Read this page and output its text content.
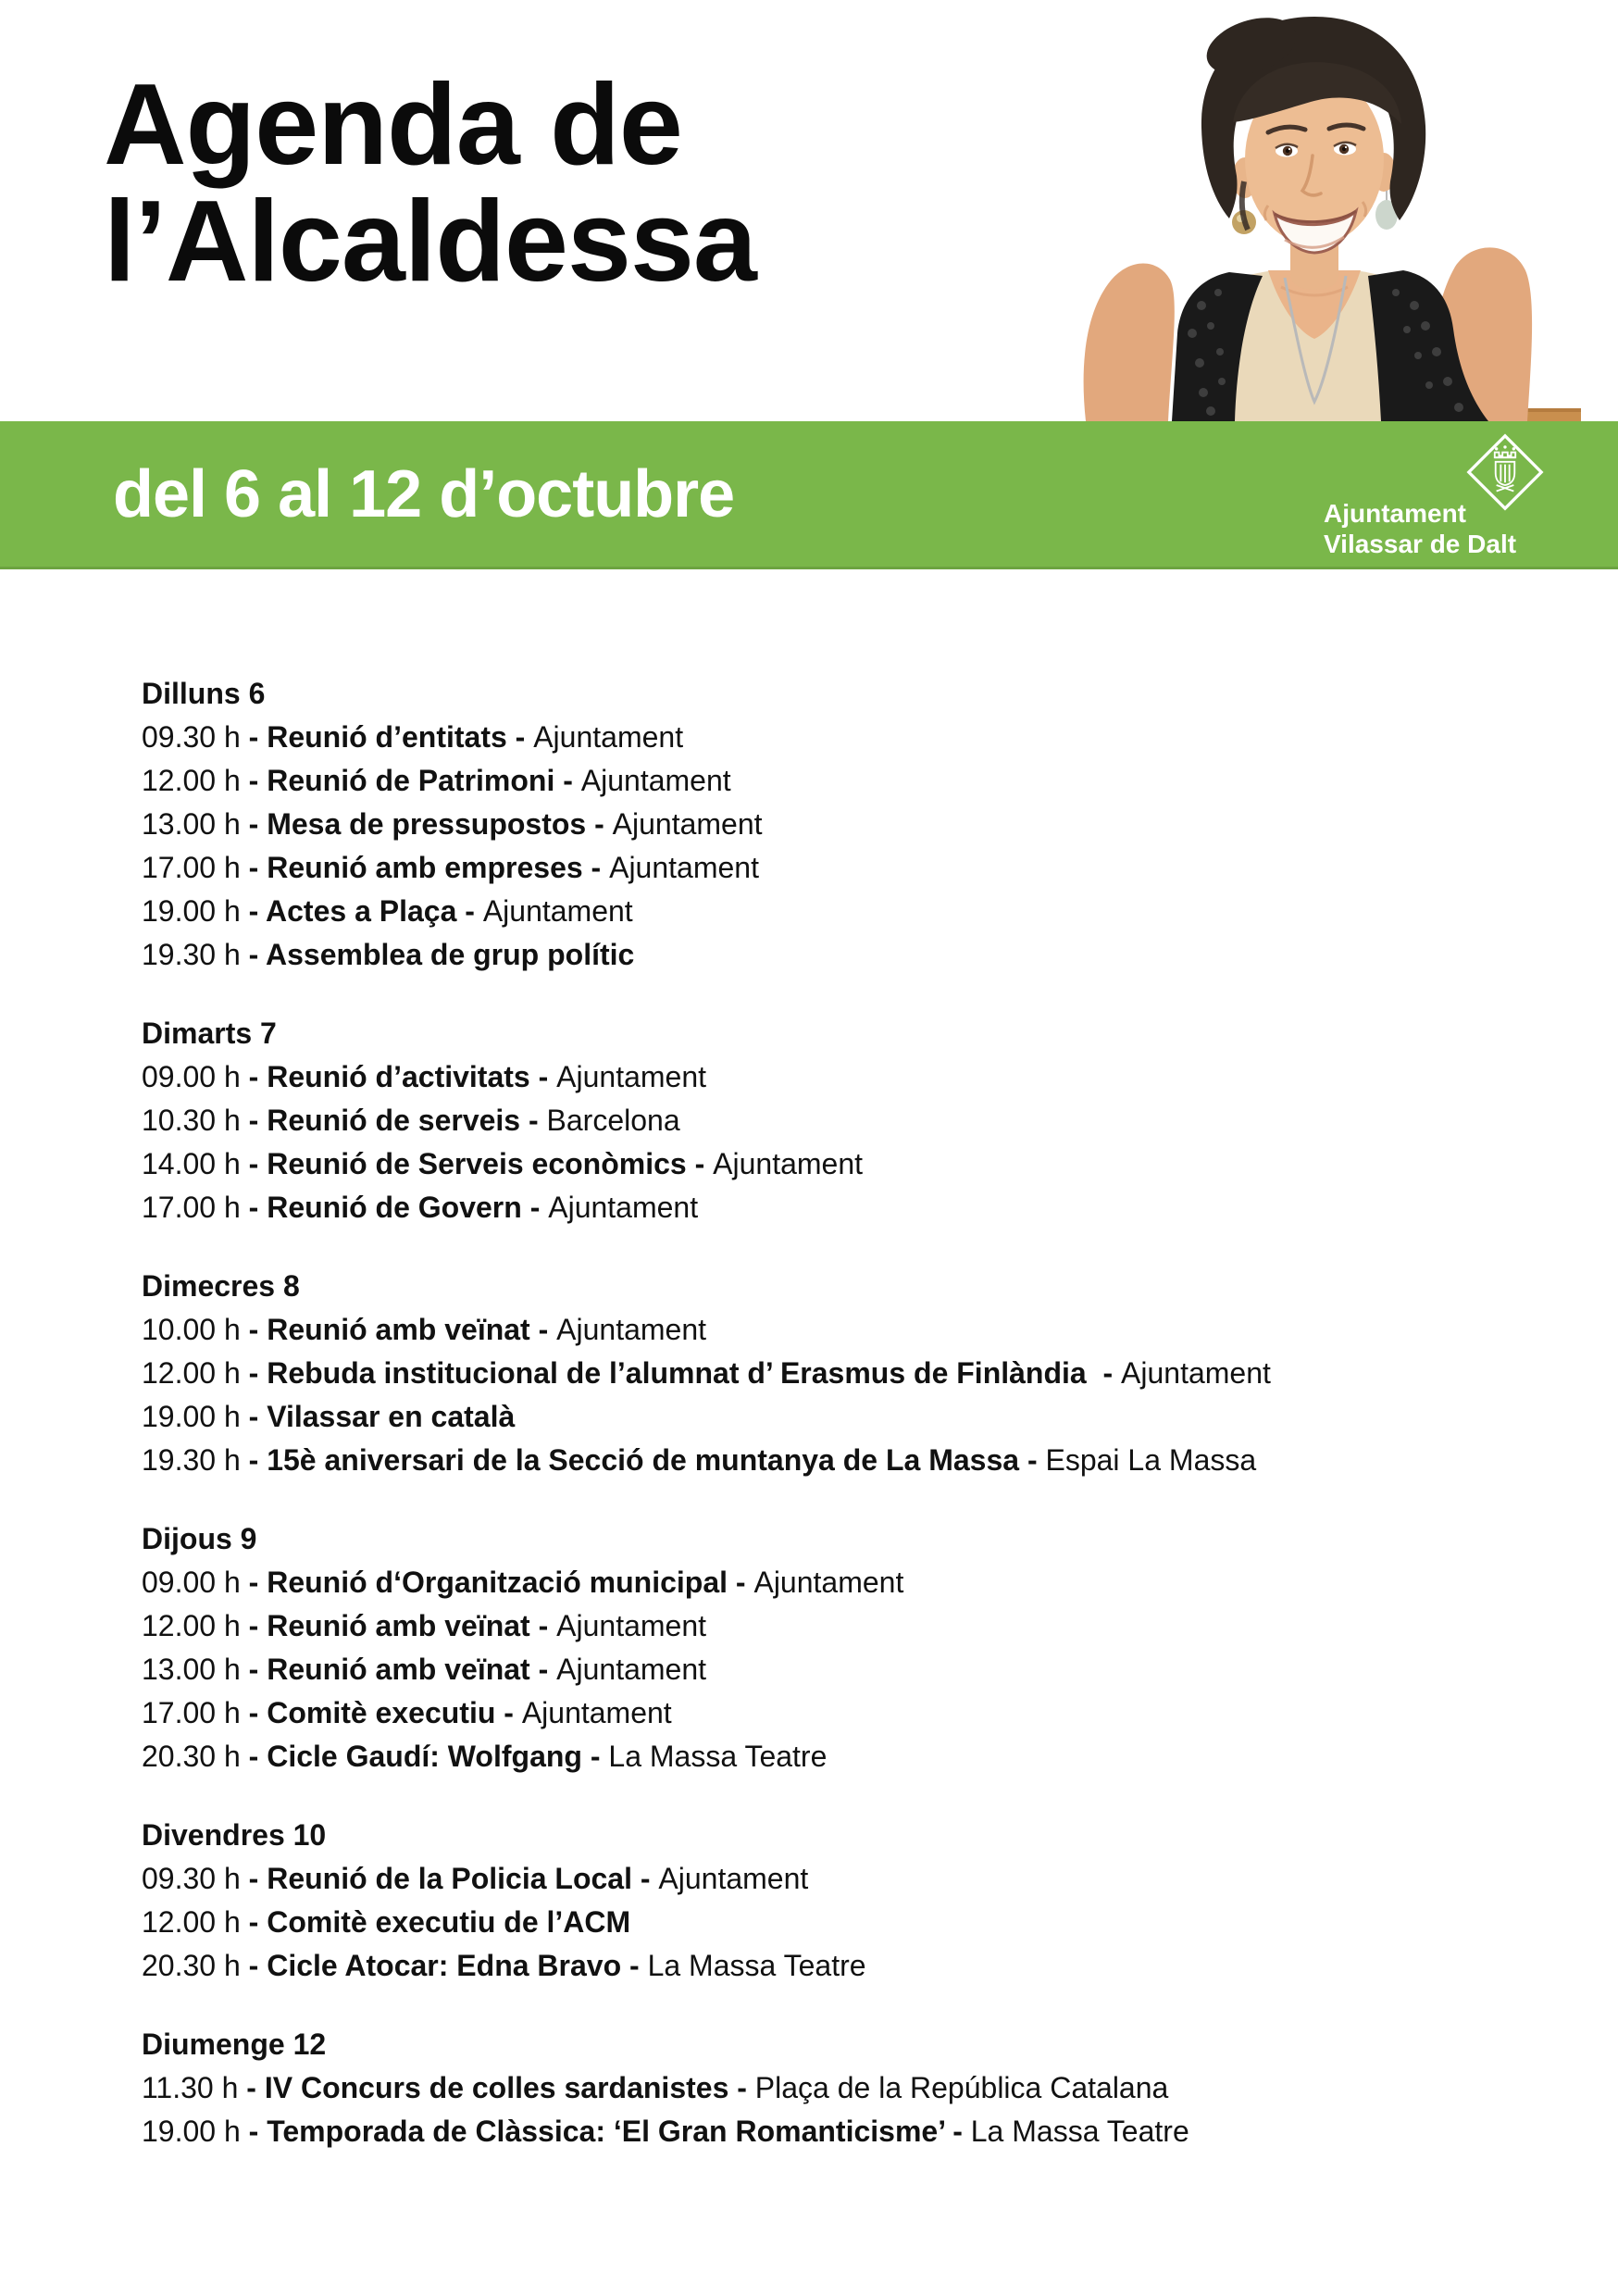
Agenda de
l’Alcaldessa
del 6 al 12 d’octubre	Ajuntament
Vilassar de Dalt
Dilluns 6
09.30 h - Reunió d’entitats - Ajuntament
12.00 h - Reunió de Patrimoni - Ajuntament
13.00 h - Mesa de pressupostos - Ajuntament
17.00 h - Reunió amb empreses - Ajuntament
19.00 h - Actes a Plaça - Ajuntament
19.30 h - Assemblea de grup polític
Dimarts 7
09.00 h - Reunió d’activitats - Ajuntament
10.30 h - Reunió de serveis - Barcelona
14.00 h - Reunió de Serveis econòmics - Ajuntament
17.00 h - Reunió de Govern - Ajuntament
Dimecres 8
10.00 h - Reunió amb veïnat - Ajuntament
12.00 h - Rebuda institucional de l’alumnat d’ Erasmus de Finlàndia  - Ajuntament
19.00 h - Vilassar en català
19.30 h - 15è aniversari de la Secció de muntanya de La Massa - Espai La Massa
Dijous 9
09.00 h - Reunió d‘Organització municipal - Ajuntament
12.00 h - Reunió amb veïnat - Ajuntament
13.00 h - Reunió amb veïnat - Ajuntament
17.00 h - Comitè executiu - Ajuntament
20.30 h - Cicle Gaudí: Wolfgang - La Massa Teatre
Divendres 10
09.30 h - Reunió de la Policia Local - Ajuntament
12.00 h - Comitè executiu de l’ACM
20.30 h - Cicle Atocar: Edna Bravo - La Massa Teatre
Diumenge 12
11.30 h - IV Concurs de colles sardanistes - Plaça de la República Catalana
19.00 h - Temporada de Clàssica: ‘El Gran Romanticisme’ - La Massa Teatre
